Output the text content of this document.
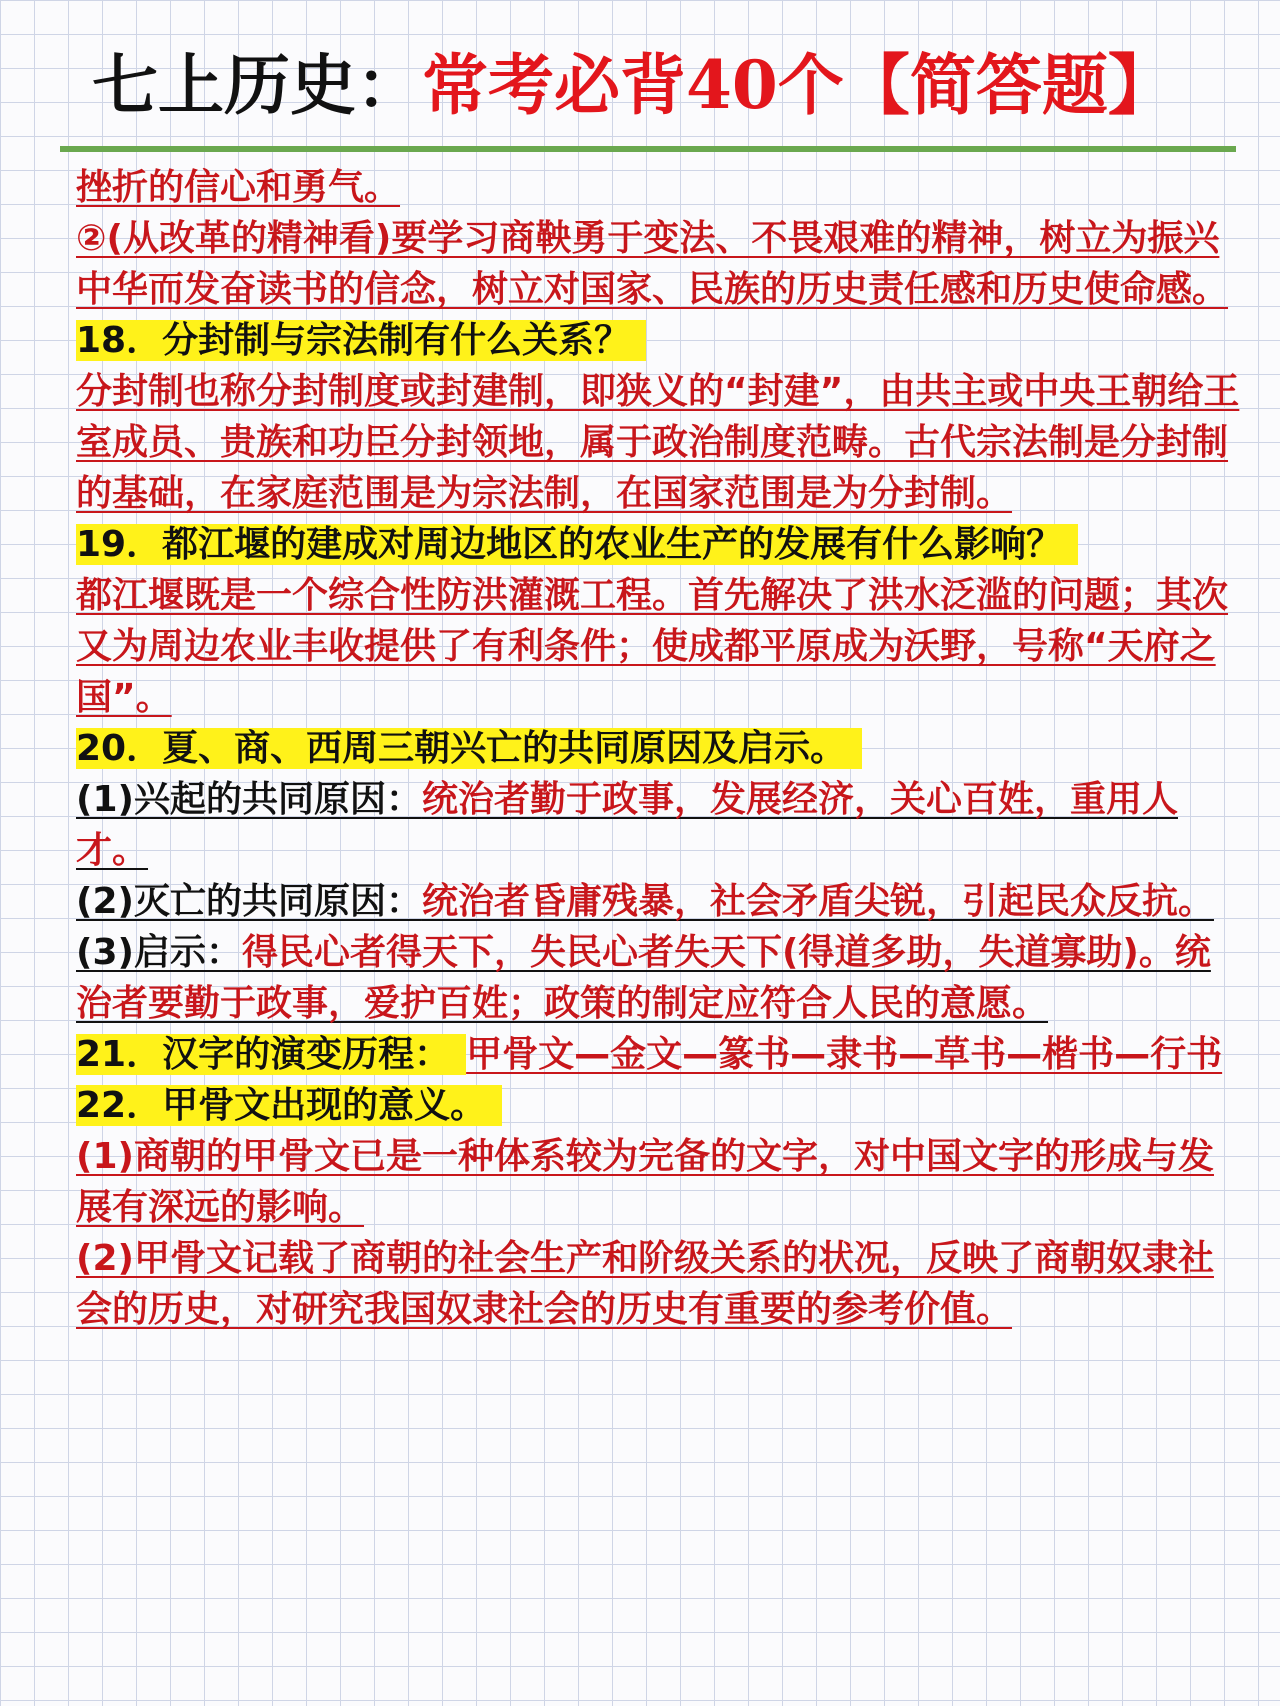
七上历史：常考必背40个【简答题】

挫折的信心和勇气。

②(从改革的精神看)要学习商鞅勇于变法、不畏艰难的精神，树立为振兴中华而发奋读书的信念，树立对国家、民族的历史责任感和历史使命感。

18．分封制与宗法制有什么关系？

分封制也称分封制度或封建制，即狭义的“封建”，由共主或中央王朝给王室成员、贵族和功臣分封领地，属于政治制度范畴。古代宗法制是分封制的基础，在家庭范围是为宗法制，在国家范围是为分封制。

19．都江堰的建成对周边地区的农业生产的发展有什么影响？

都江堰既是一个综合性防洪灌溉工程。首先解决了洪水泛滥的问题；其次又为周边农业丰收提供了有利条件；使成都平原成为沃野，号称“天府之国”。

20．夏、商、西周三朝兴亡的共同原因及启示。

(1)兴起的共同原因：统治者勤于政事，发展经济，关心百姓，重用人才。

(2)灭亡的共同原因：统治者昏庸残暴，社会矛盾尖锐，引起民众反抗。

(3)启示：得民心者得天下，失民心者失天下(得道多助，失道寡助)。统治者要勤于政事，爱护百姓；政策的制定应符合人民的意愿。

21．汉字的演变历程： 甲骨文—金文—篆书—隶书—草书—楷书—行书

22．甲骨文出现的意义。

(1)商朝的甲骨文已是一种体系较为完备的文字，对中国文字的形成与发展有深远的影响。

(2)甲骨文记载了商朝的社会生产和阶级关系的状况，反映了商朝奴隶社会的历史，对研究我国奴隶社会的历史有重要的参考价值。
